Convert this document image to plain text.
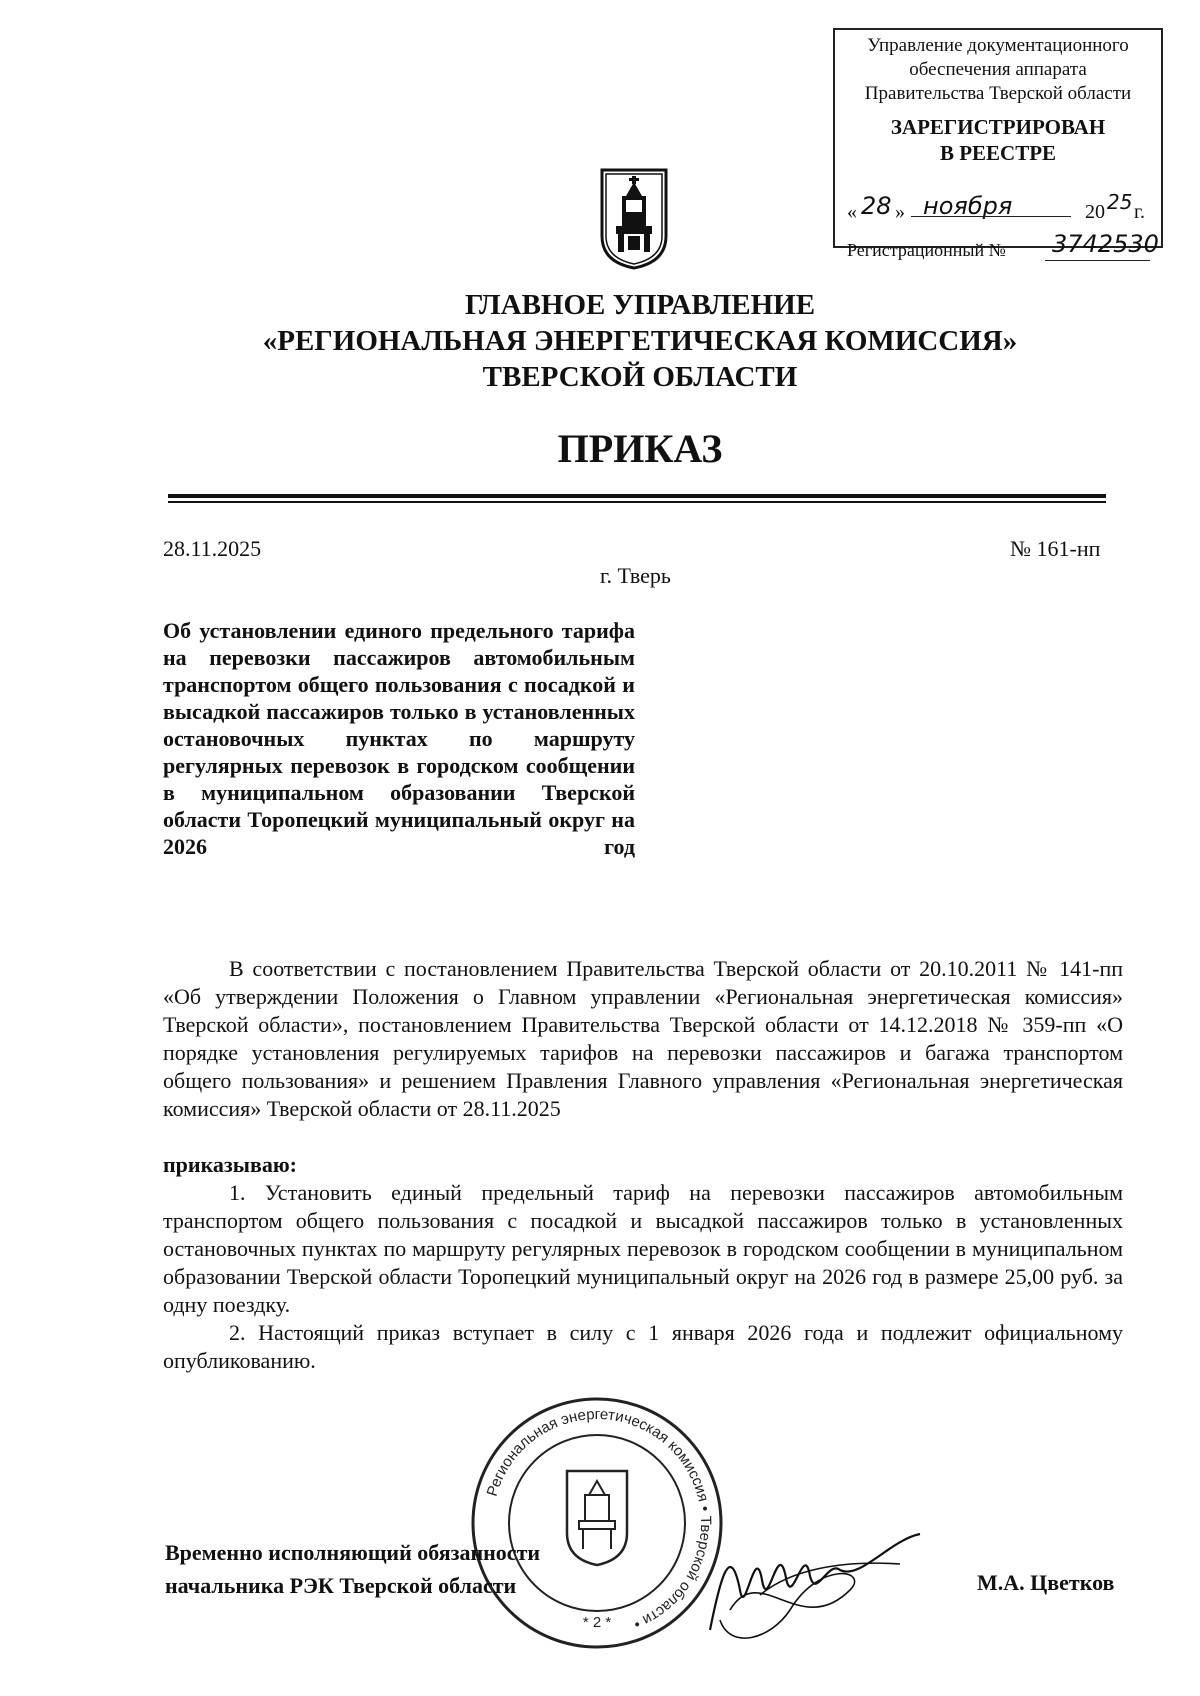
Управление документационного
обеспечения аппарата
Правительства Тверской области
ЗАРЕГИСТРИРОВАН
В РЕЕСТРЕ
« 28 » ноября	20 25 г.
Регистрационный № 3742530
ГЛАВНОЕ УПРАВЛЕНИЕ
«РЕГИОНАЛЬНАЯ ЭНЕРГЕТИЧЕСКАЯ КОМИССИЯ»
ТВЕРСКОЙ ОБЛАСТИ
ПРИКАЗ
28.11.2025	№ 161-нп
г. Тверь
Об установлении единого предельного тарифа на перевозки пассажиров автомобильным транспортом общего пользования с посадкой и высадкой пассажиров только в установленных остановочных пунктах по маршруту регулярных перевозок в городском сообщении в муниципальном образовании Тверской области Торопецкий муниципальный округ на 2026 год
В соответствии с постановлением Правительства Тверской области от 20.10.2011 № 141-пп «Об утверждении Положения о Главном управлении «Региональная энергетическая комиссия» Тверской области», постановлением Правительства Тверской области от 14.12.2018 № 359-пп «О порядке установления регулируемых тарифов на перевозки пассажиров и багажа транспортом общего пользования» и решением Правления Главного управления «Региональная энергетическая комиссия» Тверской области от 28.11.2025
приказываю:
1. Установить единый предельный тариф на перевозки пассажиров автомобильным транспортом общего пользования с посадкой и высадкой пассажиров только в установленных остановочных пунктах по маршруту регулярных перевозок в городском сообщении в муниципальном образовании Тверской области Торопецкий муниципальный округ на 2026 год в размере 25,00 руб. за одну поездку.
2. Настоящий приказ вступает в силу с 1 января 2026 года и подлежит официальному опубликованию.
Региональная энергетическая комиссия • Тверской области •
* 2 *
Временно исполняющий обязанности
начальника РЭК Тверской области	М.А. Цветков
